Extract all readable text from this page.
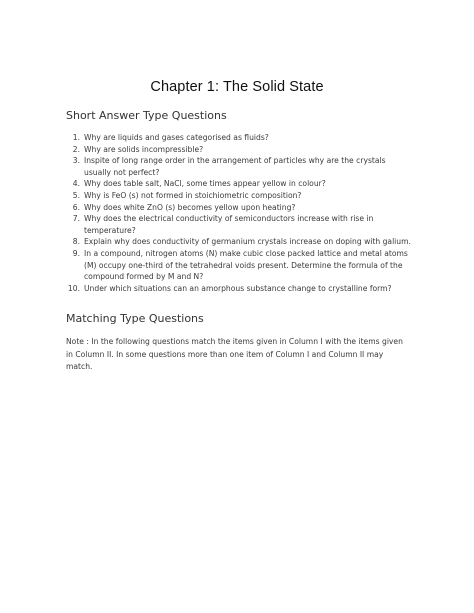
Chapter 1: The Solid State
Short Answer Type Questions
1. Why are liquids and gases categorised as fluids?
2. Why are solids incompressible?
3. Inspite of long range order in the arrangement of particles why are the crystals usually not perfect?
4. Why does table salt, NaCl, some times appear yellow in colour?
5. Why is FeO (s) not formed in stoichiometric composition?
6. Why does white ZnO (s) becomes yellow upon heating?
7. Why does the electrical conductivity of semiconductors increase with rise in temperature?
8. Explain why does conductivity of germanium crystals increase on doping with galium.
9. In a compound, nitrogen atoms (N) make cubic close packed lattice and metal atoms (M) occupy one-third of the tetrahedral voids present. Determine the formula of the compound formed by M and N?
10. Under which situations can an amorphous substance change to crystalline form?
Matching Type Questions

Note : In the following questions match the items given in Column I with the items given in Column II. In some questions more than one item of Column I and Column II may match.
